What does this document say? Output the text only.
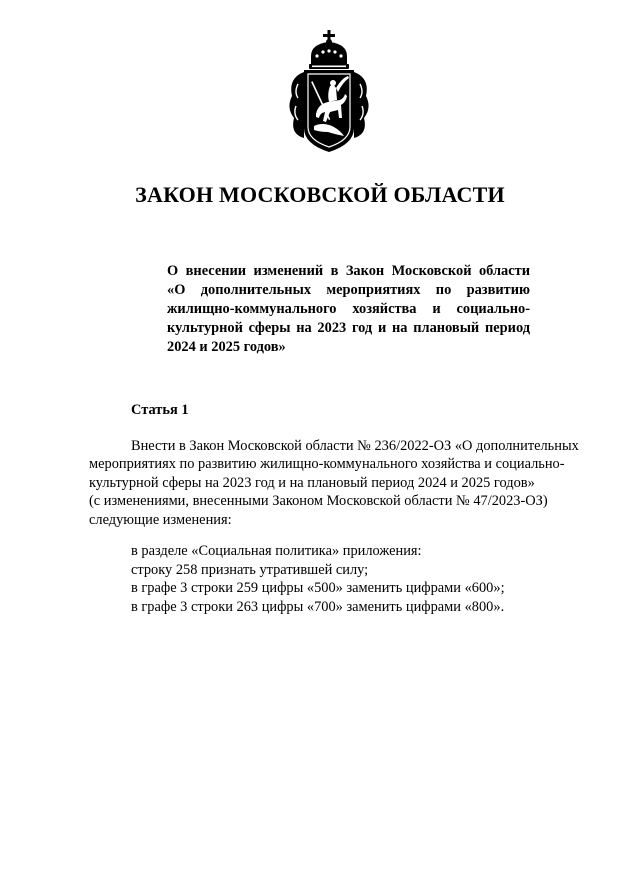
ЗАКОН МОСКОВСКОЙ ОБЛАСТИ
О внесении изменений в Закон Московской области
«О дополнительных мероприятиях по развитию
жилищно-коммунального хозяйства и социально-
культурной сферы на 2023 год и на плановый период
2024 и 2025 годов»
Статья 1
Внести в Закон Московской области № 236/2022-ОЗ «О дополнительных
мероприятиях по развитию жилищно-коммунального хозяйства и социально-
культурной сферы на 2023 год и на плановый период 2024 и 2025 годов»
(с изменениями, внесенными Законом Московской области № 47/2023-ОЗ)
следующие изменения:
в разделе «Социальная политика» приложения:
строку 258 признать утратившей силу;
в графе 3 строки 259 цифры «500» заменить цифрами «600»;
в графе 3 строки 263 цифры «700» заменить цифрами «800».
